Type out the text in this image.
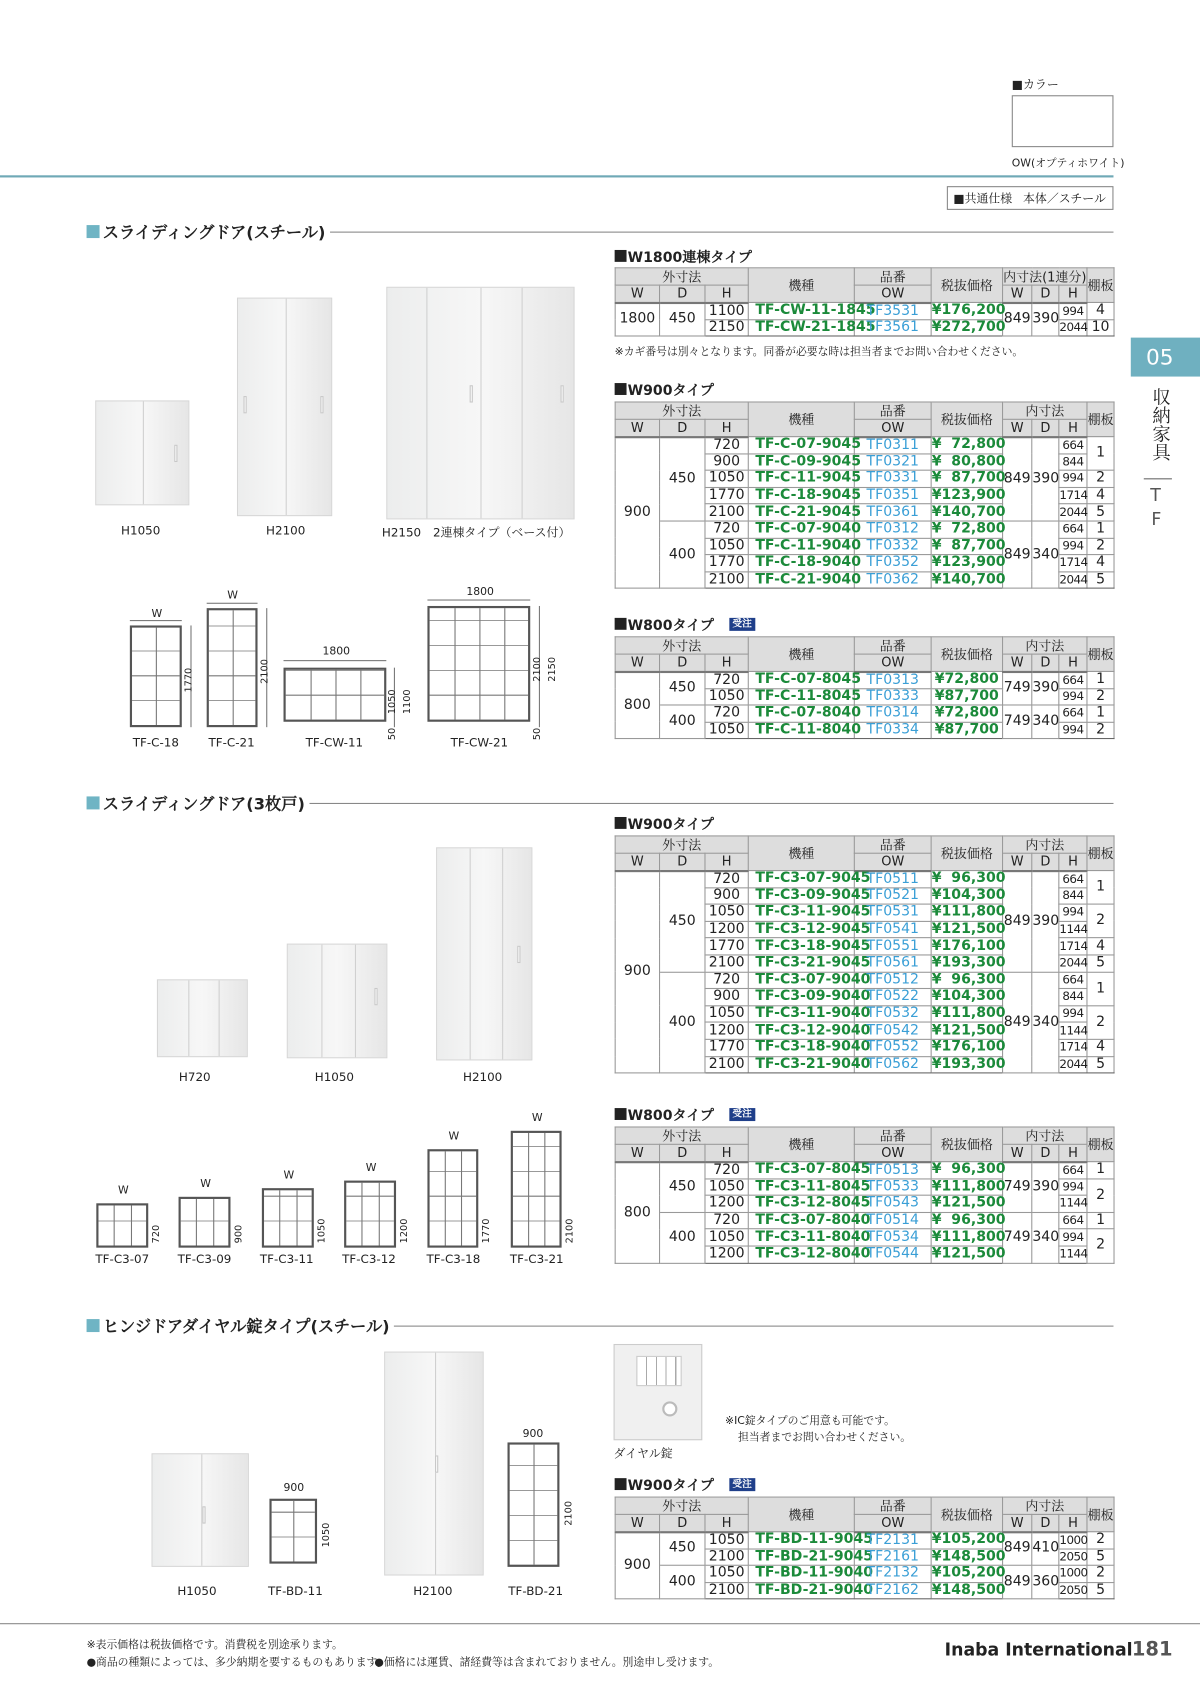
■カラー
OW(オプティホワイト)
■共通仕様 本体／スチール
05
収納家具
T
F
スライディングドア(スチール)
スライディングドア(3枚戸)
ヒンジドアダイヤル錠タイプ(スチール)
H1050	H2100	H2150　2連棟タイプ（ベース付）
W
1770
W
2100
1800
1050 1100
50
1800
2100 2150
50
TF-C-18	TF-C-21	TF-CW-11	TF-CW-21
H720	H1050	H2100
W
720
TF-C3-07
W
900
TF-C3-09
W
1050
TF-C3-11
W
1200
TF-C3-12
W
1770
TF-C3-18
W
2100
TF-C3-21
H1050	H2100
900
1050
900
2100
TF-BD-11	TF-BD-21
ダイヤル錠
※IC錠タイプのご用意も可能です。
担当者までお問い合わせください。
W1800連棟タイプ
外寸法			機種	品番	税抜価格	内寸法(1連分)			棚板
W	D	H		OW		W	D	H	
1800	450	1100	TF-CW-11-1845	TF3531	¥176,200	849	390	994	4
		2150	TF-CW-21-1845	TF3561	¥272,700			2044	10
※カギ番号は別々となります。同番が必要な時は担当者までお問い合わせください。
W900タイプ
外寸法			機種	品番	税抜価格	内寸法			棚板
W	D	H		OW		W	D	H	
900	450	720	TF-C-07-9045	TF0311	¥  72,800	849	390	664	1
		900	TF-C-09-9045	TF0321	¥  80,800			844	
		1050	TF-C-11-9045	TF0331	¥  87,700			994	2
		1770	TF-C-18-9045	TF0351	¥123,900			1714	4
		2100	TF-C-21-9045	TF0361	¥140,700			2044	5
	400	720	TF-C-07-9040	TF0312	¥  72,800	849	340	664	1
		1050	TF-C-11-9040	TF0332	¥  87,700			994	2
		1770	TF-C-18-9040	TF0352	¥123,900			1714	4
		2100	TF-C-21-9040	TF0362	¥140,700			2044	5
W800タイプ	受注
外寸法			機種	品番	税抜価格	内寸法			棚板
W	D	H		OW		W	D	H	
800	450	720	TF-C-07-8045	TF0313	¥72,800	749	390	664	1
		1050	TF-C-11-8045	TF0333	¥87,700			994	2
	400	720	TF-C-07-8040	TF0314	¥72,800	749	340	664	1
		1050	TF-C-11-8040	TF0334	¥87,700			994	2
W900タイプ
外寸法			機種	品番	税抜価格	内寸法			棚板
W	D	H		OW		W	D	H	
900	450	720	TF-C3-07-9045	TF0511	¥  96,300	849	390	664	1
		900	TF-C3-09-9045	TF0521	¥104,300			844	
		1050	TF-C3-11-9045	TF0531	¥111,800			994	2
		1200	TF-C3-12-9045	TF0541	¥121,500			1144	
		1770	TF-C3-18-9045	TF0551	¥176,100			1714	4
		2100	TF-C3-21-9045	TF0561	¥193,300			2044	5
	400	720	TF-C3-07-9040	TF0512	¥  96,300	849	340	664	1
		900	TF-C3-09-9040	TF0522	¥104,300			844	
		1050	TF-C3-11-9040	TF0532	¥111,800			994	2
		1200	TF-C3-12-9040	TF0542	¥121,500			1144	
		1770	TF-C3-18-9040	TF0552	¥176,100			1714	4
		2100	TF-C3-21-9040	TF0562	¥193,300			2044	5
W800タイプ	受注
外寸法			機種	品番	税抜価格	内寸法			棚板
W	D	H		OW		W	D	H	
800	450	720	TF-C3-07-8045	TF0513	¥  96,300	749	390	664	1
		1050	TF-C3-11-8045	TF0533	¥111,800			994	2
		1200	TF-C3-12-8045	TF0543	¥121,500			1144	
	400	720	TF-C3-07-8040	TF0514	¥  96,300	749	340	664	1
		1050	TF-C3-11-8040	TF0534	¥111,800			994	2
		1200	TF-C3-12-8040	TF0544	¥121,500			1144	
W900タイプ	受注
外寸法			機種	品番	税抜価格	内寸法			棚板
W	D	H		OW		W	D	H	
900	450	1050	TF-BD-11-9045	TF2131	¥105,200	849	410	1000	2
		2100	TF-BD-21-9045	TF2161	¥148,500			2050	5
	400	1050	TF-BD-11-9040	TF2132	¥105,200	849	360	1000	2
		2100	TF-BD-21-9040	TF2162	¥148,500			2050	5
※表示価格は税抜価格です。消費税を別途承ります。
●商品の種類によっては、多少納期を要するものもあります。
●価格には運賃、諸経費等は含まれておりません。別途申し受けます。
Inaba International 181
